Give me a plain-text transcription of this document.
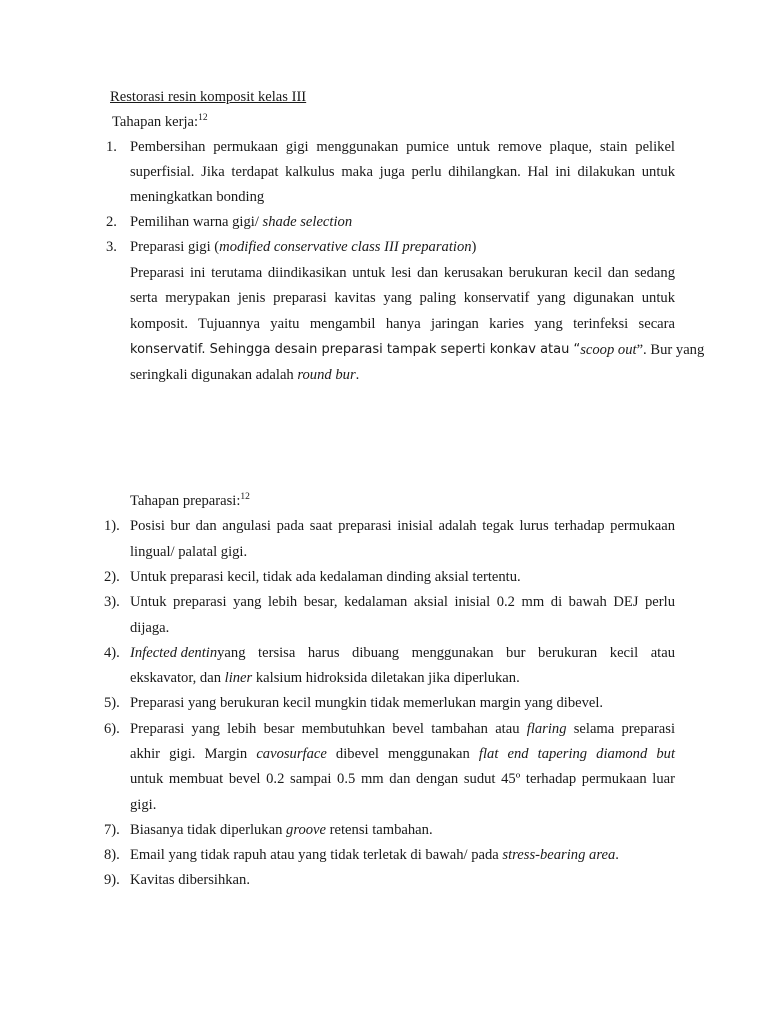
Restorasi resin komposit kelas III
Tahapan kerja:$^{12}$
1. Pembersihan permukaan gigi menggunakan pumice untuk remove plaque, stain pelikel
superfisial. Jika terdapat kalkulus maka juga perlu dihilangkan. Hal ini dilakukan untuk
meningkatkan bonding
2. Pemilihan warna gigi/ shade selection
3. Preparasi gigi (modified conservative class III preparation)
Preparasi ini terutama diindikasikan untuk lesi dan kerusakan berukuran kecil dan sedang
serta merypakan jenis preparasi kavitas yang paling konservatif yang digunakan untuk
komposit. Tujuannya yaitu mengambil hanya jaringan karies yang terinfeksi secara
konservatif. Sehingga desain preparasi tampak seperti konkav atau “ scoop out”. Bur yang
seringkali digunakan adalah round bur.
Tahapan preparasi:$^{12}$
1). Posisi bur dan angulasi pada saat preparasi inisial adalah tegak lurus terhadap permukaan
lingual/ palatal gigi.
2). Untuk preparasi kecil, tidak ada kedalaman dinding aksial tertentu.
3). Untuk preparasi yang lebih besar, kedalaman aksial inisial 0.2 mm di bawah DEJ perlu
dijaga.
4). Infected dentin yang tersisa harus dibuang menggunakan bur berukuran kecil atau
ekskavator, dan liner kalsium hidroksida diletakan jika diperlukan.
5). Preparasi yang berukuran kecil mungkin tidak memerlukan margin yang dibevel.
6). Preparasi yang lebih besar membutuhkan bevel tambahan atau flaring selama preparasi
akhir gigi. Margin cavosurface dibevel menggunakan flat end tapering diamond but
untuk membuat bevel 0.2 sampai 0.5 mm dan dengan sudut 45º terhadap permukaan luar
gigi.
7). Biasanya tidak diperlukan groove retensi tambahan.
8). Email yang tidak rapuh atau yang tidak terletak di bawah/ pada stress-bearing area.
9). Kavitas dibersihkan.
